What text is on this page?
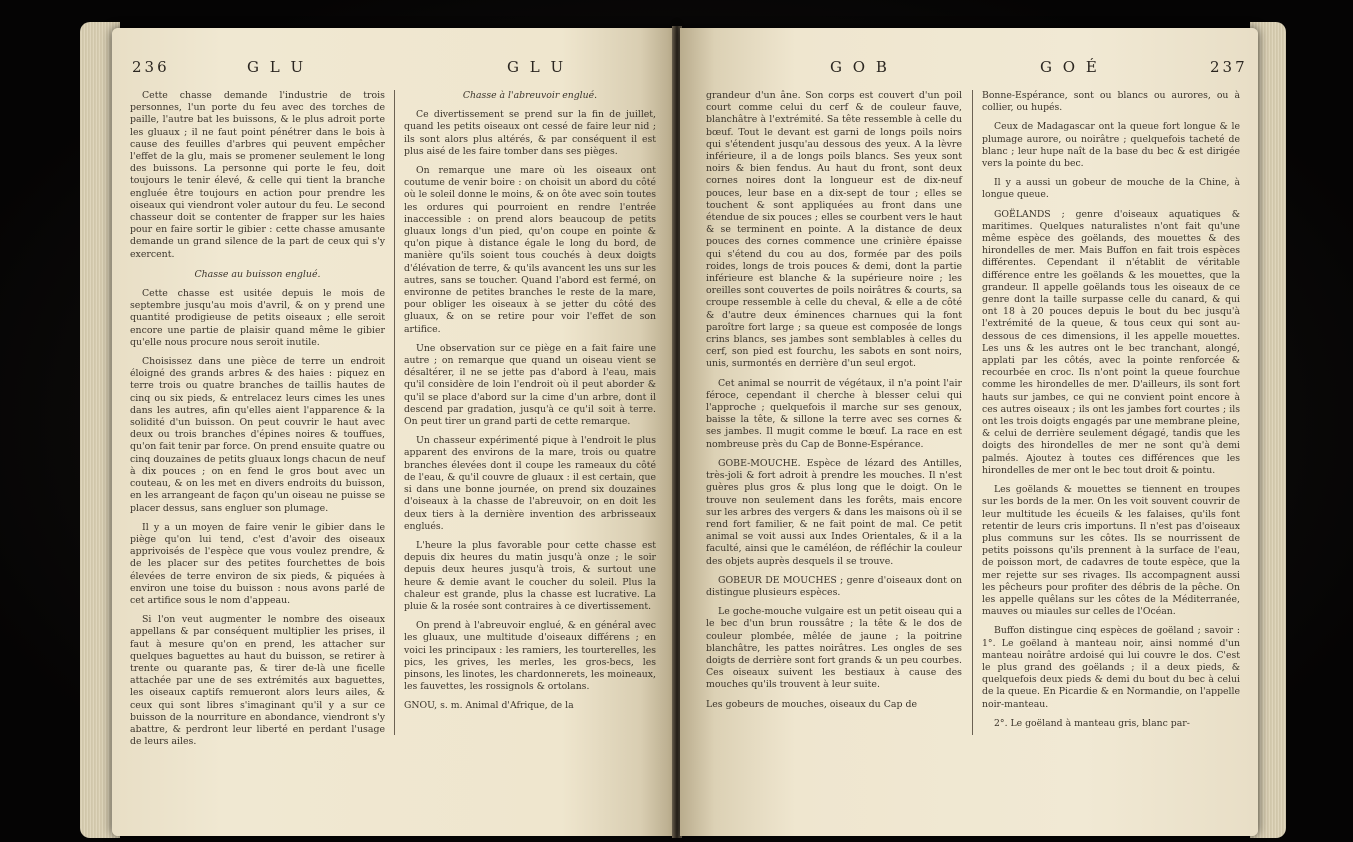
236	G L U	G L U

Cette chasse demande l'industrie de trois personnes, l'un porte du feu avec des torches de paille, l'autre bat les buissons, & le plus adroit porte les gluaux ; il ne faut point pénétrer dans le bois à cause des feuilles d'arbres qui peuvent empêcher l'effet de la glu, mais se promener seulement le long des buissons. La personne qui porte le feu, doit toujours le tenir élevé, & celle qui tient la branche engluée être toujours en action pour prendre les oiseaux qui viendront voler autour du feu. Le second chasseur doit se contenter de frapper sur les haies pour en faire sortir le gibier : cette chasse amusante demande un grand silence de la part de ceux qui s'y exercent.

Chasse au buisson englué.

Cette chasse est usitée depuis le mois de septembre jusqu'au mois d'avril, & on y prend une quantité prodigieuse de petits oiseaux ; elle seroit encore une partie de plaisir quand même le gibier qu'elle nous procure nous seroit inutile.

Choisissez dans une pièce de terre un endroit éloigné des grands arbres & des haies : piquez en terre trois ou quatre branches de taillis hautes de cinq ou six pieds, & entrelacez leurs cimes les unes dans les autres, afin qu'elles aient l'apparence & la solidité d'un buisson. On peut couvrir le haut avec deux ou trois branches d'épines noires & touffues, qu'on fait tenir par force. On prend ensuite quatre ou cinq douzaines de petits gluaux longs chacun de neuf à dix pouces ; on en fend le gros bout avec un couteau, & on les met en divers endroits du buisson, en les arrangeant de façon qu'un oiseau ne puisse se placer dessus, sans engluer son plumage.

Il y a un moyen de faire venir le gibier dans le piège qu'on lui tend, c'est d'avoir des oiseaux apprivoisés de l'espèce que vous voulez prendre, & de les placer sur des petites fourchettes de bois élevées de terre environ de six pieds, & piquées à environ une toise du buisson : nous avons parlé de cet artifice sous le nom d'appeau.

Si l'on veut augmenter le nombre des oiseaux appellans & par conséquent multiplier les prises, il faut à mesure qu'on en prend, les attacher sur quelques baguettes au haut du buisson, se retirer à trente ou quarante pas, & tirer de-là une ficelle attachée par une de ses extrémités aux baguettes, les oiseaux captifs remueront alors leurs ailes, & ceux qui sont libres s'imaginant qu'il y a sur ce buisson de la nourriture en abondance, viendront s'y abattre, & perdront leur liberté en perdant l'usage de leurs ailes.

Chasse à l'abreuvoir englué.

Ce divertissement se prend sur la fin de juillet, quand les petits oiseaux ont cessé de faire leur nid ; ils sont alors plus altérés, & par conséquent il est plus aisé de les faire tomber dans ses pièges.

On remarque une mare où les oiseaux ont coutume de venir boire : on choisit un abord du côté où le soleil donne le moins, & on ôte avec soin toutes les ordures qui pourroient en rendre l'entrée inaccessible : on prend alors beaucoup de petits gluaux longs d'un pied, qu'on coupe en pointe & qu'on pique à distance égale le long du bord, de manière qu'ils soient tous couchés à deux doigts d'élévation de terre, & qu'ils avancent les uns sur les autres, sans se toucher. Quand l'abord est fermé, on environne de petites branches le reste de la mare, pour obliger les oiseaux à se jetter du côté des gluaux, & on se retire pour voir l'effet de son artifice.

Une observation sur ce piège en a fait faire une autre ; on remarque que quand un oiseau vient se désaltérer, il ne se jette pas d'abord à l'eau, mais qu'il considère de loin l'endroit où il peut aborder & qu'il se place d'abord sur la cime d'un arbre, dont il descend par gradation, jusqu'à ce qu'il soit à terre. On peut tirer un grand parti de cette remarque.

Un chasseur expérimenté pique à l'endroit le plus apparent des environs de la mare, trois ou quatre branches élevées dont il coupe les rameaux du côté de l'eau, & qu'il couvre de gluaux : il est certain, que si dans une bonne journée, on prend six douzaines d'oiseaux à la chasse de l'abreuvoir, on en doit les deux tiers à la dernière invention des arbrisseaux englués.

L'heure la plus favorable pour cette chasse est depuis dix heures du matin jusqu'à onze ; le soir depuis deux heures jusqu'à trois, & surtout une heure & demie avant le coucher du soleil. Plus la chaleur est grande, plus la chasse est lucrative. La pluie & la rosée sont contraires à ce divertissement.

On prend à l'abreuvoir englué, & en général avec les gluaux, une multitude d'oiseaux différens ; en voici les principaux : les ramiers, les tourterelles, les pics, les grives, les merles, les gros-becs, les pinsons, les linotes, les chardonnerets, les moineaux, les fauvettes, les rossignols & ortolans.

GNOU, s. m. Animal d'Afrique, de la

G O B	G O É	237

grandeur d'un âne. Son corps est couvert d'un poil court comme celui du cerf & de couleur fauve, blanchâtre à l'extrémité. Sa tête ressemble à celle du bœuf. Tout le devant est garni de longs poils noirs qui s'étendent jusqu'au dessous des yeux. A la lèvre inférieure, il a de longs poils blancs. Ses yeux sont noirs & bien fendus. Au haut du front, sont deux cornes noires dont la longueur est de dix-neuf pouces, leur base en a dix-sept de tour ; elles se touchent & sont appliquées au front dans une étendue de six pouces ; elles se courbent vers le haut & se terminent en pointe. A la distance de deux pouces des cornes commence une crinière épaisse qui s'étend du cou au dos, formée par des poils roides, longs de trois pouces & demi, dont la partie inférieure est blanche & la supérieure noire ; les oreilles sont couvertes de poils noirâtres & courts, sa croupe ressemble à celle du cheval, & elle a de côté & d'autre deux éminences charnues qui la font paroître fort large ; sa queue est composée de longs crins blancs, ses jambes sont semblables à celles du cerf, son pied est fourchu, les sabots en sont noirs, unis, surmontés en derrière d'un seul ergot.

Cet animal se nourrit de végétaux, il n'a point l'air féroce, cependant il cherche à blesser celui qui l'approche ; quelquefois il marche sur ses genoux, baisse la tête, & sillone la terre avec ses cornes & ses jambes. Il mugit comme le bœuf. La race en est nombreuse près du Cap de Bonne-Espérance.

GOBE-MOUCHE. Espèce de lézard des Antilles, très-joli & fort adroit à prendre les mouches. Il n'est guères plus gros & plus long que le doigt. On le trouve non seulement dans les forêts, mais encore sur les arbres des vergers & dans les maisons où il se rend fort familier, & ne fait point de mal. Ce petit animal se voit aussi aux Indes Orientales, & il a la faculté, ainsi que le caméléon, de réfléchir la couleur des objets auprès desquels il se trouve.

GOBEUR DE MOUCHES ; genre d'oiseaux dont on distingue plusieurs espèces.

Le goche-mouche vulgaire est un petit oiseau qui a le bec d'un brun roussâtre ; la tête & le dos de couleur plombée, mêlée de jaune ; la poitrine blanchâtre, les pattes noirâtres. Les ongles de ses doigts de derrière sont fort grands & un peu courbes. Ces oiseaux suivent les bestiaux à cause des mouches qu'ils trouvent à leur suite.

Les gobeurs de mouches, oiseaux du Cap de

Bonne-Espérance, sont ou blancs ou aurores, ou à collier, ou hupés.

Ceux de Madagascar ont la queue fort longue & le plumage aurore, ou noirâtre ; quelquefois tacheté de blanc ; leur hupe naît de la base du bec & est dirigée vers la pointe du bec.

Il y a aussi un gobeur de mouche de la Chine, à longue queue.

GOËLANDS ; genre d'oiseaux aquatiques & maritimes. Quelques naturalistes n'ont fait qu'une même espèce des goëlands, des mouettes & des hirondelles de mer. Mais Buffon en fait trois espèces différentes. Cependant il n'établit de véritable différence entre les goëlands & les mouettes, que la grandeur. Il appelle goëlands tous les oiseaux de ce genre dont la taille surpasse celle du canard, & qui ont 18 à 20 pouces depuis le bout du bec jusqu'à l'extrémité de la queue, & tous ceux qui sont au-dessous de ces dimensions, il les appelle mouettes. Les uns & les autres ont le bec tranchant, alongé, applati par les côtés, avec la pointe renforcée & recourbée en croc. Ils n'ont point la queue fourchue comme les hirondelles de mer. D'ailleurs, ils sont fort hauts sur jambes, ce qui ne convient point encore à ces autres oiseaux ; ils ont les jambes fort courtes ; ils ont les trois doigts engagés par une membrane pleine, & celui de derrière seulement dégagé, tandis que les doigts des hirondelles de mer ne sont qu'à demi palmés. Ajoutez à toutes ces différences que les hirondelles de mer ont le bec tout droit & pointu.

Les goëlands & mouettes se tiennent en troupes sur les bords de la mer. On les voit souvent couvrir de leur multitude les écueils & les falaises, qu'ils font retentir de leurs cris importuns. Il n'est pas d'oiseaux plus communs sur les côtes. Ils se nourrissent de petits poissons qu'ils prennent à la surface de l'eau, de poisson mort, de cadavres de toute espèce, que la mer rejette sur ses rivages. Ils accompagnent aussi les pêcheurs pour profiter des débris de la pêche. On les appelle quêlans sur les côtes de la Méditerranée, mauves ou miaules sur celles de l'Océan.

Buffon distingue cinq espèces de goëland ; savoir : 1°. Le goëland à manteau noir, ainsi nommé d'un manteau noirâtre ardoisé qui lui couvre le dos. C'est le plus grand des goëlands ; il a deux pieds, & quelquefois deux pieds & demi du bout du bec à celui de la queue. En Picardie & en Normandie, on l'appelle noir-manteau.

2°. Le goëland à manteau gris, blanc par-
